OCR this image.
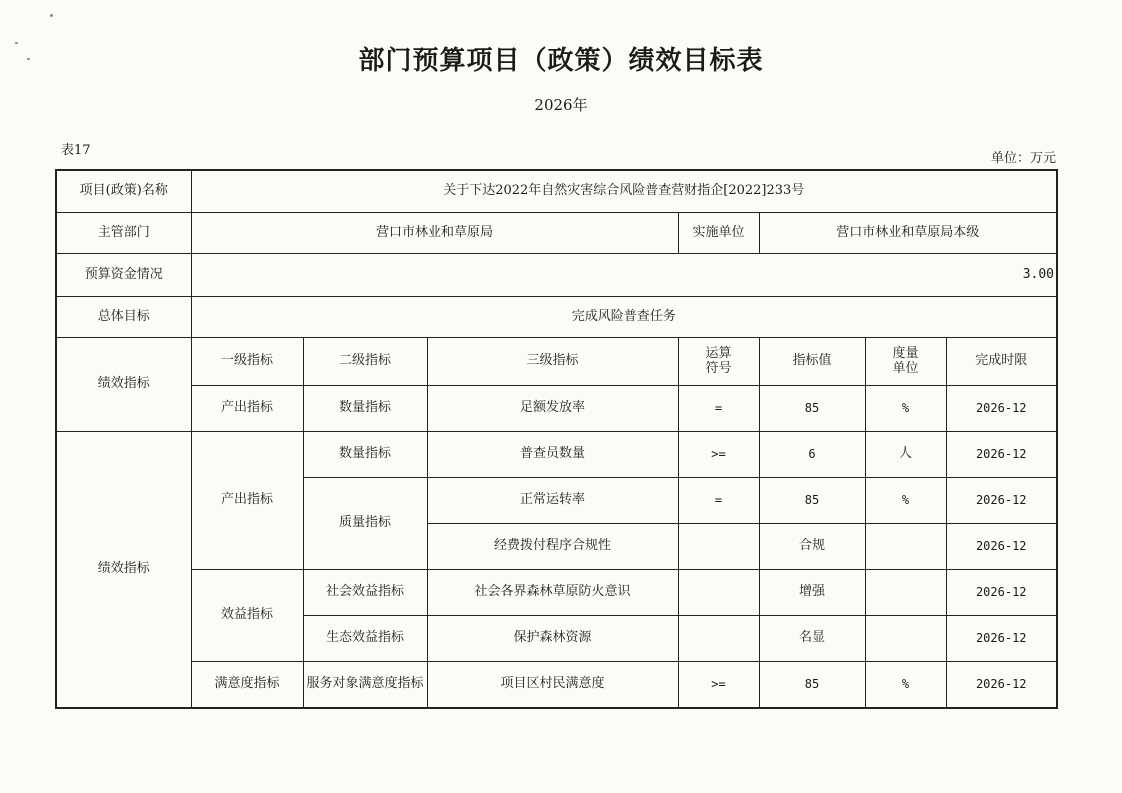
部门预算项目（政策）绩效目标表
2026年
表17
单位：万元
项目(政策)名称	关于下达2022年自然灾害综合风险普查营财指企[2022]233号						
主管部门	营口市林业和草原局			实施单位	营口市林业和草原局本级		
预算资金情况	3.00						
总体目标	完成风险普查任务						
绩效指标	一级指标	二级指标	三级指标	运算符号	指标值	度量单位	完成时限
	产出指标	数量指标	足额发放率	=	85	%	2026-12
绩效指标	产出指标	数量指标	普查员数量	>=	6	人	2026-12
		质量指标	正常运转率	=	85	%	2026-12
			经费拨付程序合规性		合规		2026-12
	效益指标	社会效益指标	社会各界森林草原防火意识		增强		2026-12
		生态效益指标	保护森林资源		名显		2026-12
	满意度指标	服务对象满意度指标	项目区村民满意度	>=	85	%	2026-12
